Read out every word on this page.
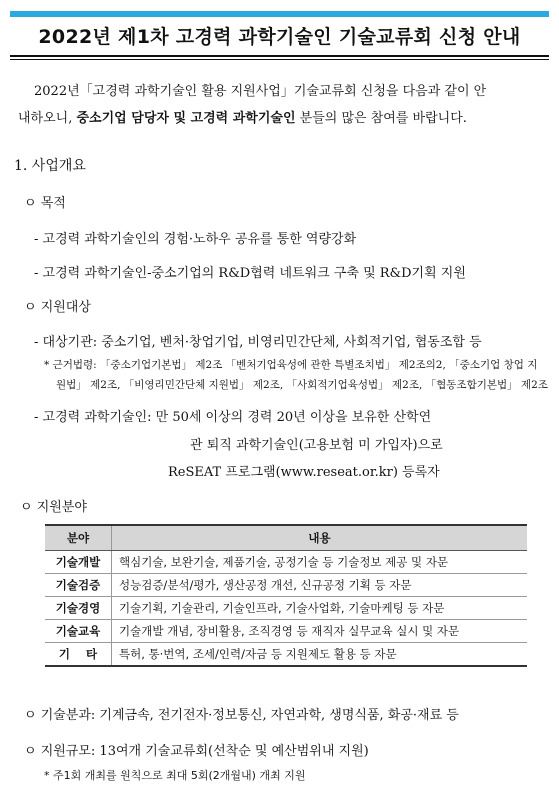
2022년 제1차 고경력 과학기술인 기술교류회 신청 안내
2022년「고경력 과학기술인 활용 지원사업」기술교류회 신청을 다음과 같이 안
내하오니, 중소기업 담당자 및 고경력 과학기술인 분들의 많은 참여를 바랍니다.
1. 사업개요
ㅇ 목적
- 고경력 과학기술인의 경험·노하우 공유를 통한 역량강화
- 고경력 과학기술인-중소기업의 R&D협력 네트워크 구축 및 R&D기획 지원
ㅇ 지원대상
- 대상기관: 중소기업, 벤처·창업기업, 비영리민간단체, 사회적기업, 협동조합 등
* 근거법령: 「중소기업기본법」 제2조 「벤처기업육성에 관한 특별조치법」 제2조의2, 「중소기업 창업 지
원법」 제2조, 「비영리민간단체 지원법」 제2조, 「사회적기업육성법」 제2조, 「협동조합기본법」 제2조
- 고경력 과학기술인: 만 50세 이상의 경력 20년 이상을 보유한 산학연
관 퇴직 과학기술인(고용보험 미 가입자)으로
ReSEAT 프로그램(www.reseat.or.kr) 등록자
ㅇ 지원분야
분야	내용
기술개발	핵심기술, 보완기술, 제품기술, 공정기술 등 기술정보 제공 및 자문
기술검증	성능검증/분석/평가, 생산공정 개선, 신규공정 기획 등 자문
기술경영	기술기획, 기술관리, 기술인프라, 기술사업화, 기술마케팅 등 자문
기술교육	기술개발 개념, 장비활용, 조직경영 등 재직자 실무교육 실시 및 자문
기    타	특허, 통·번역, 조세/인력/자금 등 지원제도 활용 등 자문
ㅇ 기술분과: 기계금속, 전기전자·정보통신, 자연과학, 생명식품, 화공·재료 등
ㅇ 지원규모: 13여개 기술교류회(선착순 및 예산범위내 지원)
* 주1회 개최를 원칙으로 최대 5회(2개월내) 개최 지원
